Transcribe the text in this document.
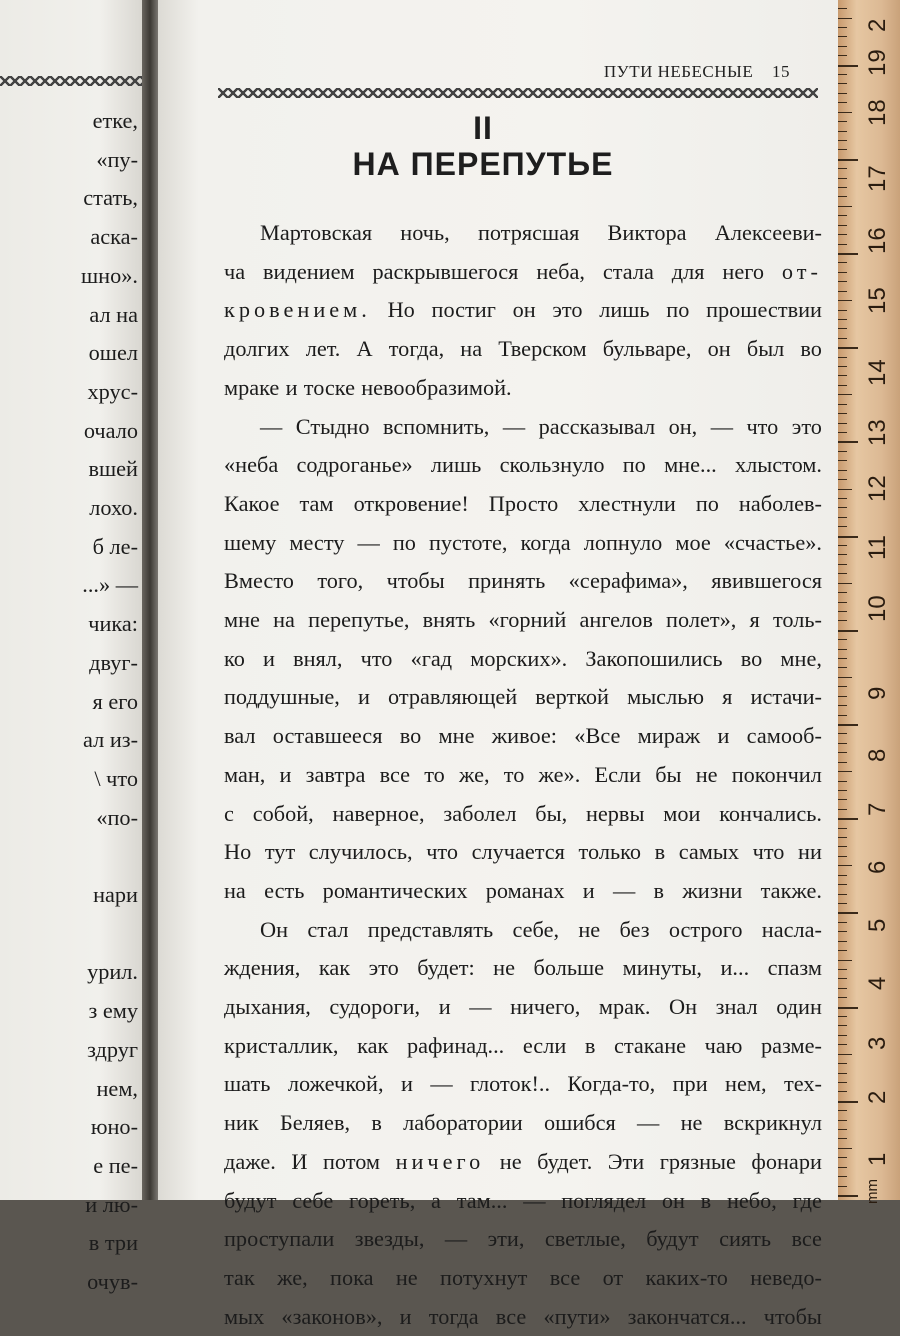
етке,
«пу-
стать,
аска-
шно».
ал на
ошел
хрус-
очало
вшей
лохо.
б ле-
...» —
чика:
двуг-
я его
ал из-
\ что
«по-

нари

урил.
з ему
здруг
нем,
юно-
е пе-
и лю-
в три
очув-
ПУТИ НЕБЕСНЫЕ 15
II
НА ПЕРЕПУТЬЕ
Мартовская ночь, потрясшая Виктора Алексееви-
ча видением раскрывшегося неба, стала для него от-
кровением. Но постиг он это лишь по прошествии
долгих лет. А тогда, на Тверском бульваре, он был во
мраке и тоске невообразимой.
— Стыдно вспомнить, — рассказывал он, — что это
«неба содроганье» лишь скользнуло по мне... хлыстом.
Какое там откровение! Просто хлестнули по наболев-
шему месту — по пустоте, когда лопнуло мое «счастье».
Вместо того, чтобы принять «серафима», явившегося
мне на перепутье, внять «горний ангелов полет», я толь-
ко и внял, что «гад морских». Закопошились во мне,
поддушные, и отравляющей верткой мыслью я истачи-
вал оставшееся во мне живое: «Все мираж и самооб-
ман, и завтра все то же, то же». Если бы не покончил
с собой, наверное, заболел бы, нервы мои кончались.
Но тут случилось, что случается только в самых что ни
на есть романтических романах и — в жизни также.
Он стал представлять себе, не без острого насла-
ждения, как это будет: не больше минуты, и... спазм
дыхания, судороги, и — ничего, мрак. Он знал один
кристаллик, как рафинад... если в стакане чаю разме-
шать ложечкой, и — глоток!.. Когда-то, при нем, тех-
ник Беляев, в лаборатории ошибся — не вскрикнул
даже. И потом ничего не будет. Эти грязные фонари
будут себе гореть, а там... — поглядел он в небо, где
проступали звезды, — эти, светлые, будут сиять все
так же, пока не потухнут все от каких-то неведо-
мых «законов», и тогда все «пути» закончатся... чтобы
2
19
18
17
16
15
14
13
12
11
10
9
8
7
6
5
4
3
2
1
mm
